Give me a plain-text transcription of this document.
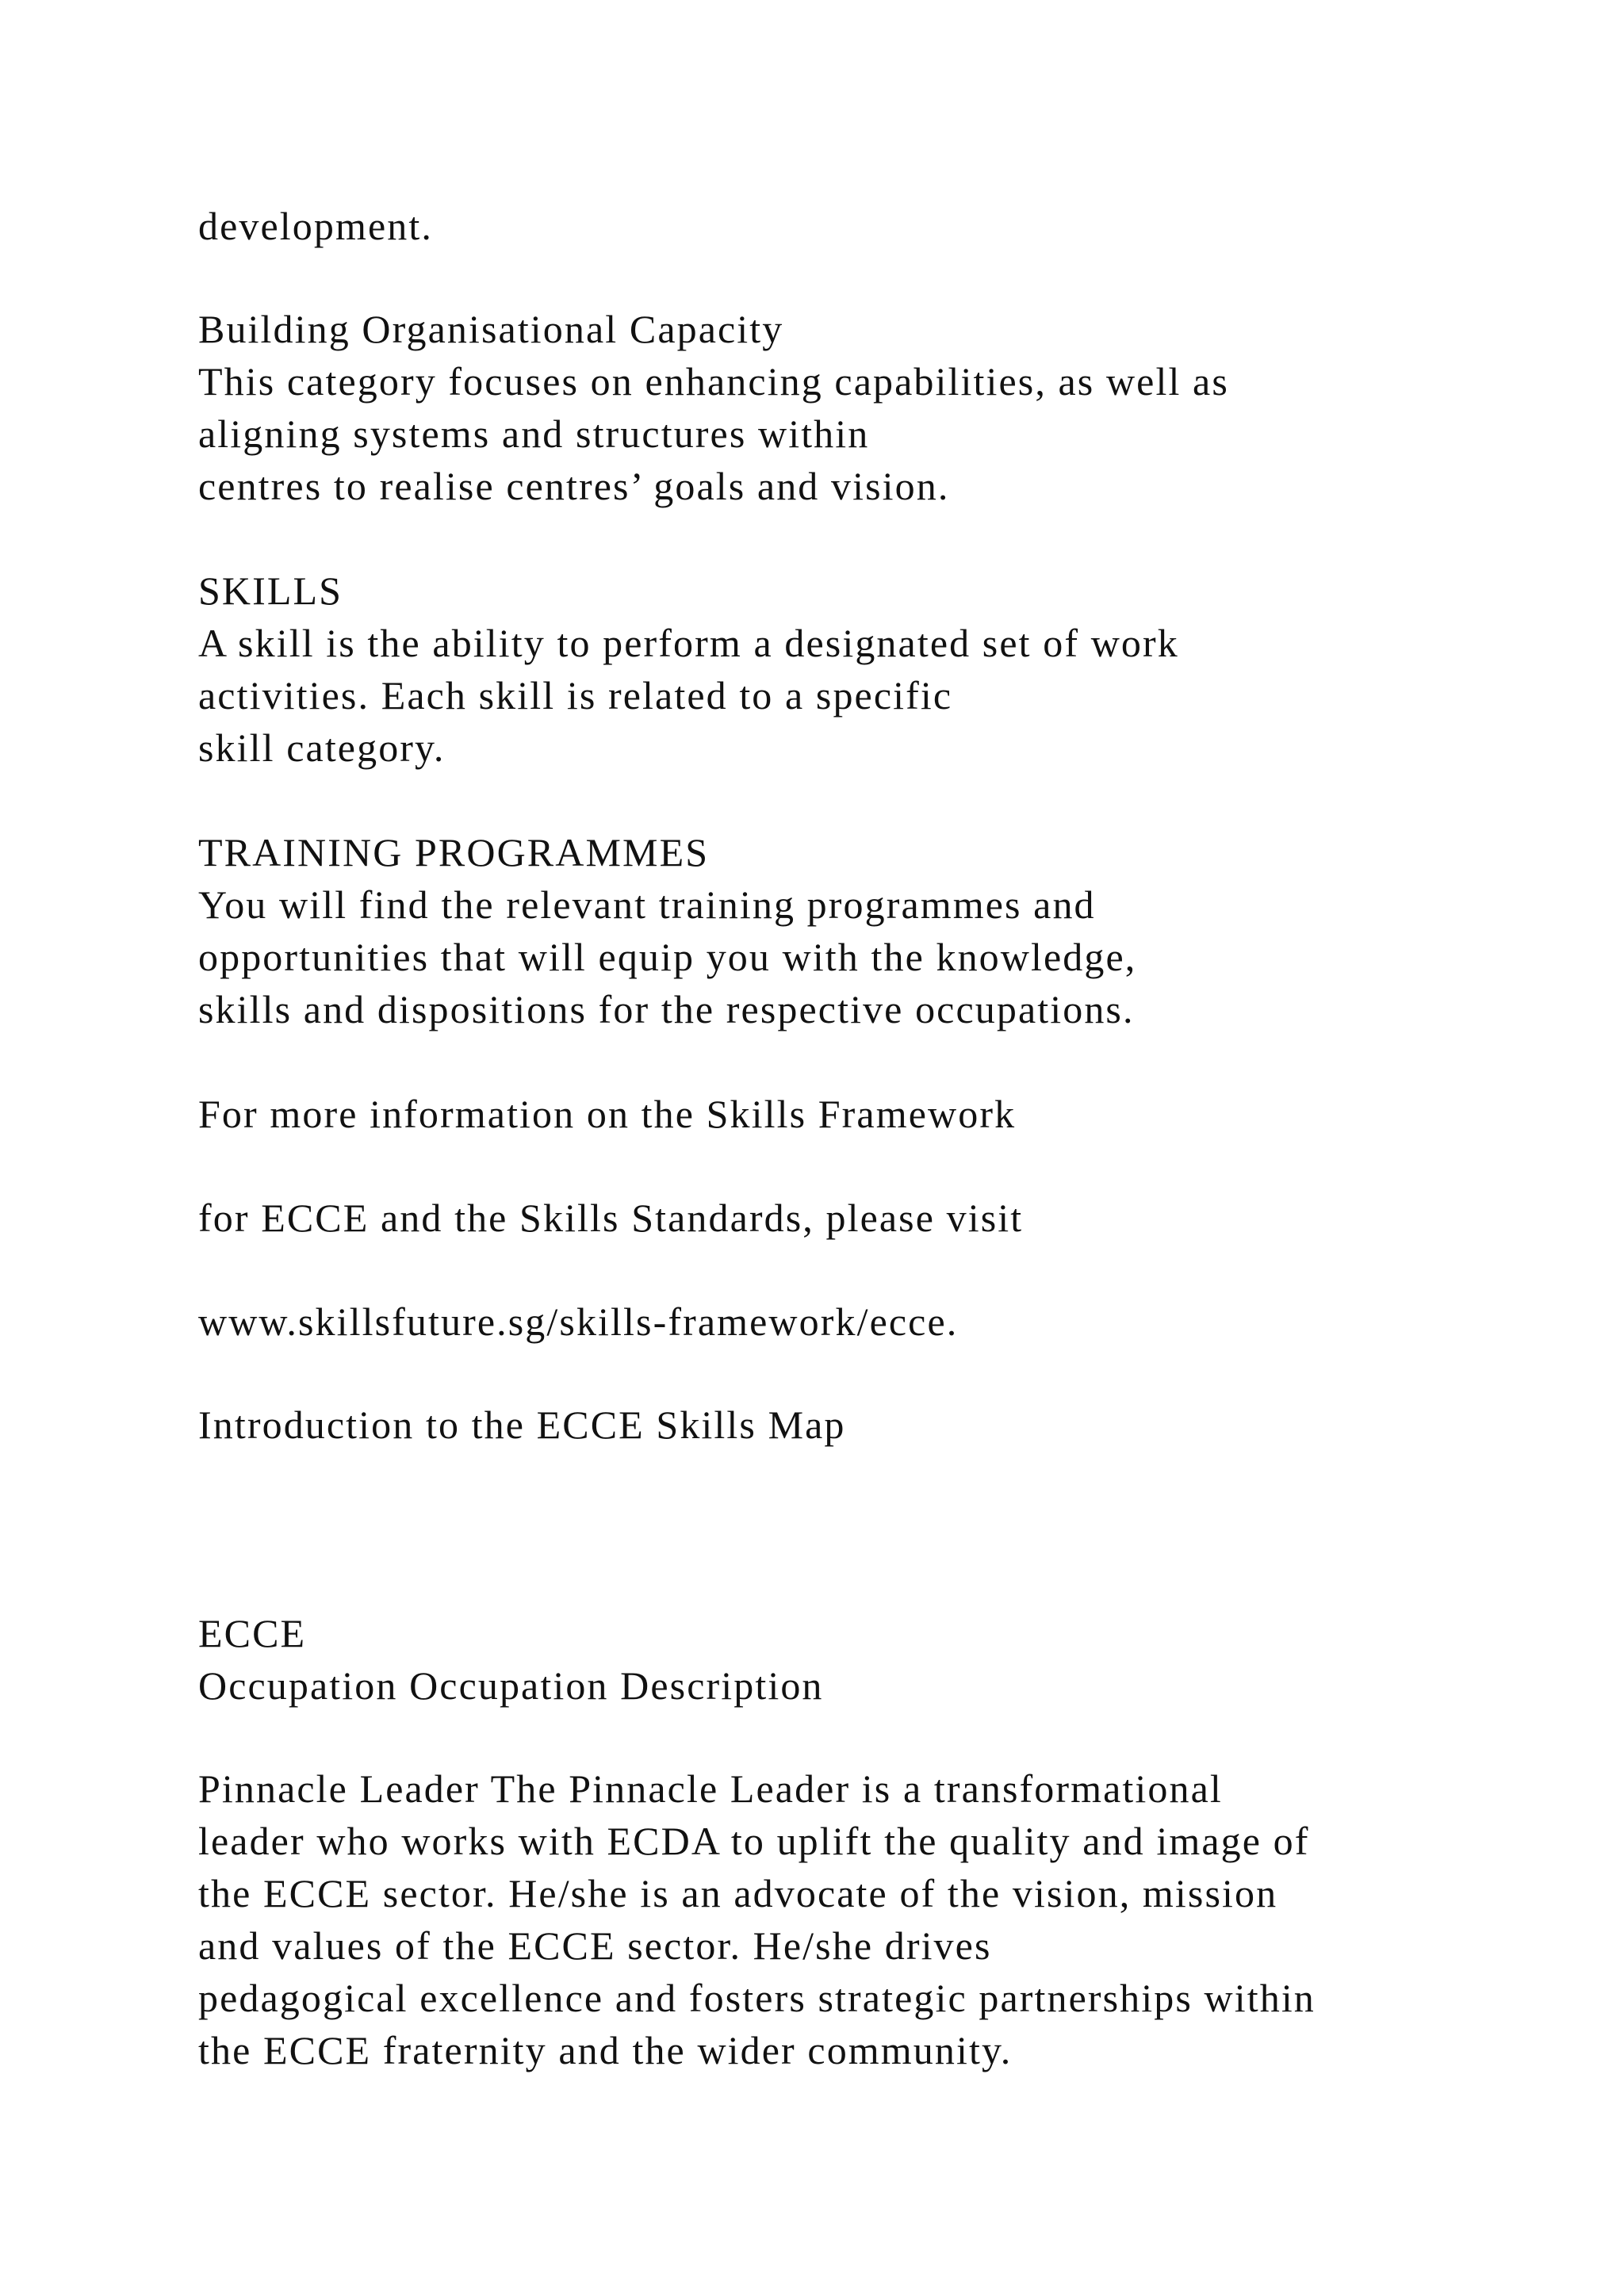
development.
Building Organisational Capacity
This category focuses on enhancing capabilities, as well as
aligning systems and structures within
centres to realise centres’ goals and vision.
SKILLS
A skill is the ability to perform a designated set of work
activities. Each skill is related to a specific
skill category.
TRAINING PROGRAMMES
You will find the relevant training programmes and
opportunities that will equip you with the knowledge,
skills and dispositions for the respective occupations.
For more information on the Skills Framework
for ECCE and the Skills Standards, please visit
www.skillsfuture.sg/skills-framework/ecce.
Introduction to the ECCE Skills Map
ECCE
Occupation Occupation Description
Pinnacle Leader The Pinnacle Leader is a transformational
leader who works with ECDA to uplift the quality and image of
the ECCE sector. He/she is an advocate of the vision, mission
and values of the ECCE sector. He/she drives
pedagogical excellence and fosters strategic partnerships within
the ECCE fraternity and the wider community.
